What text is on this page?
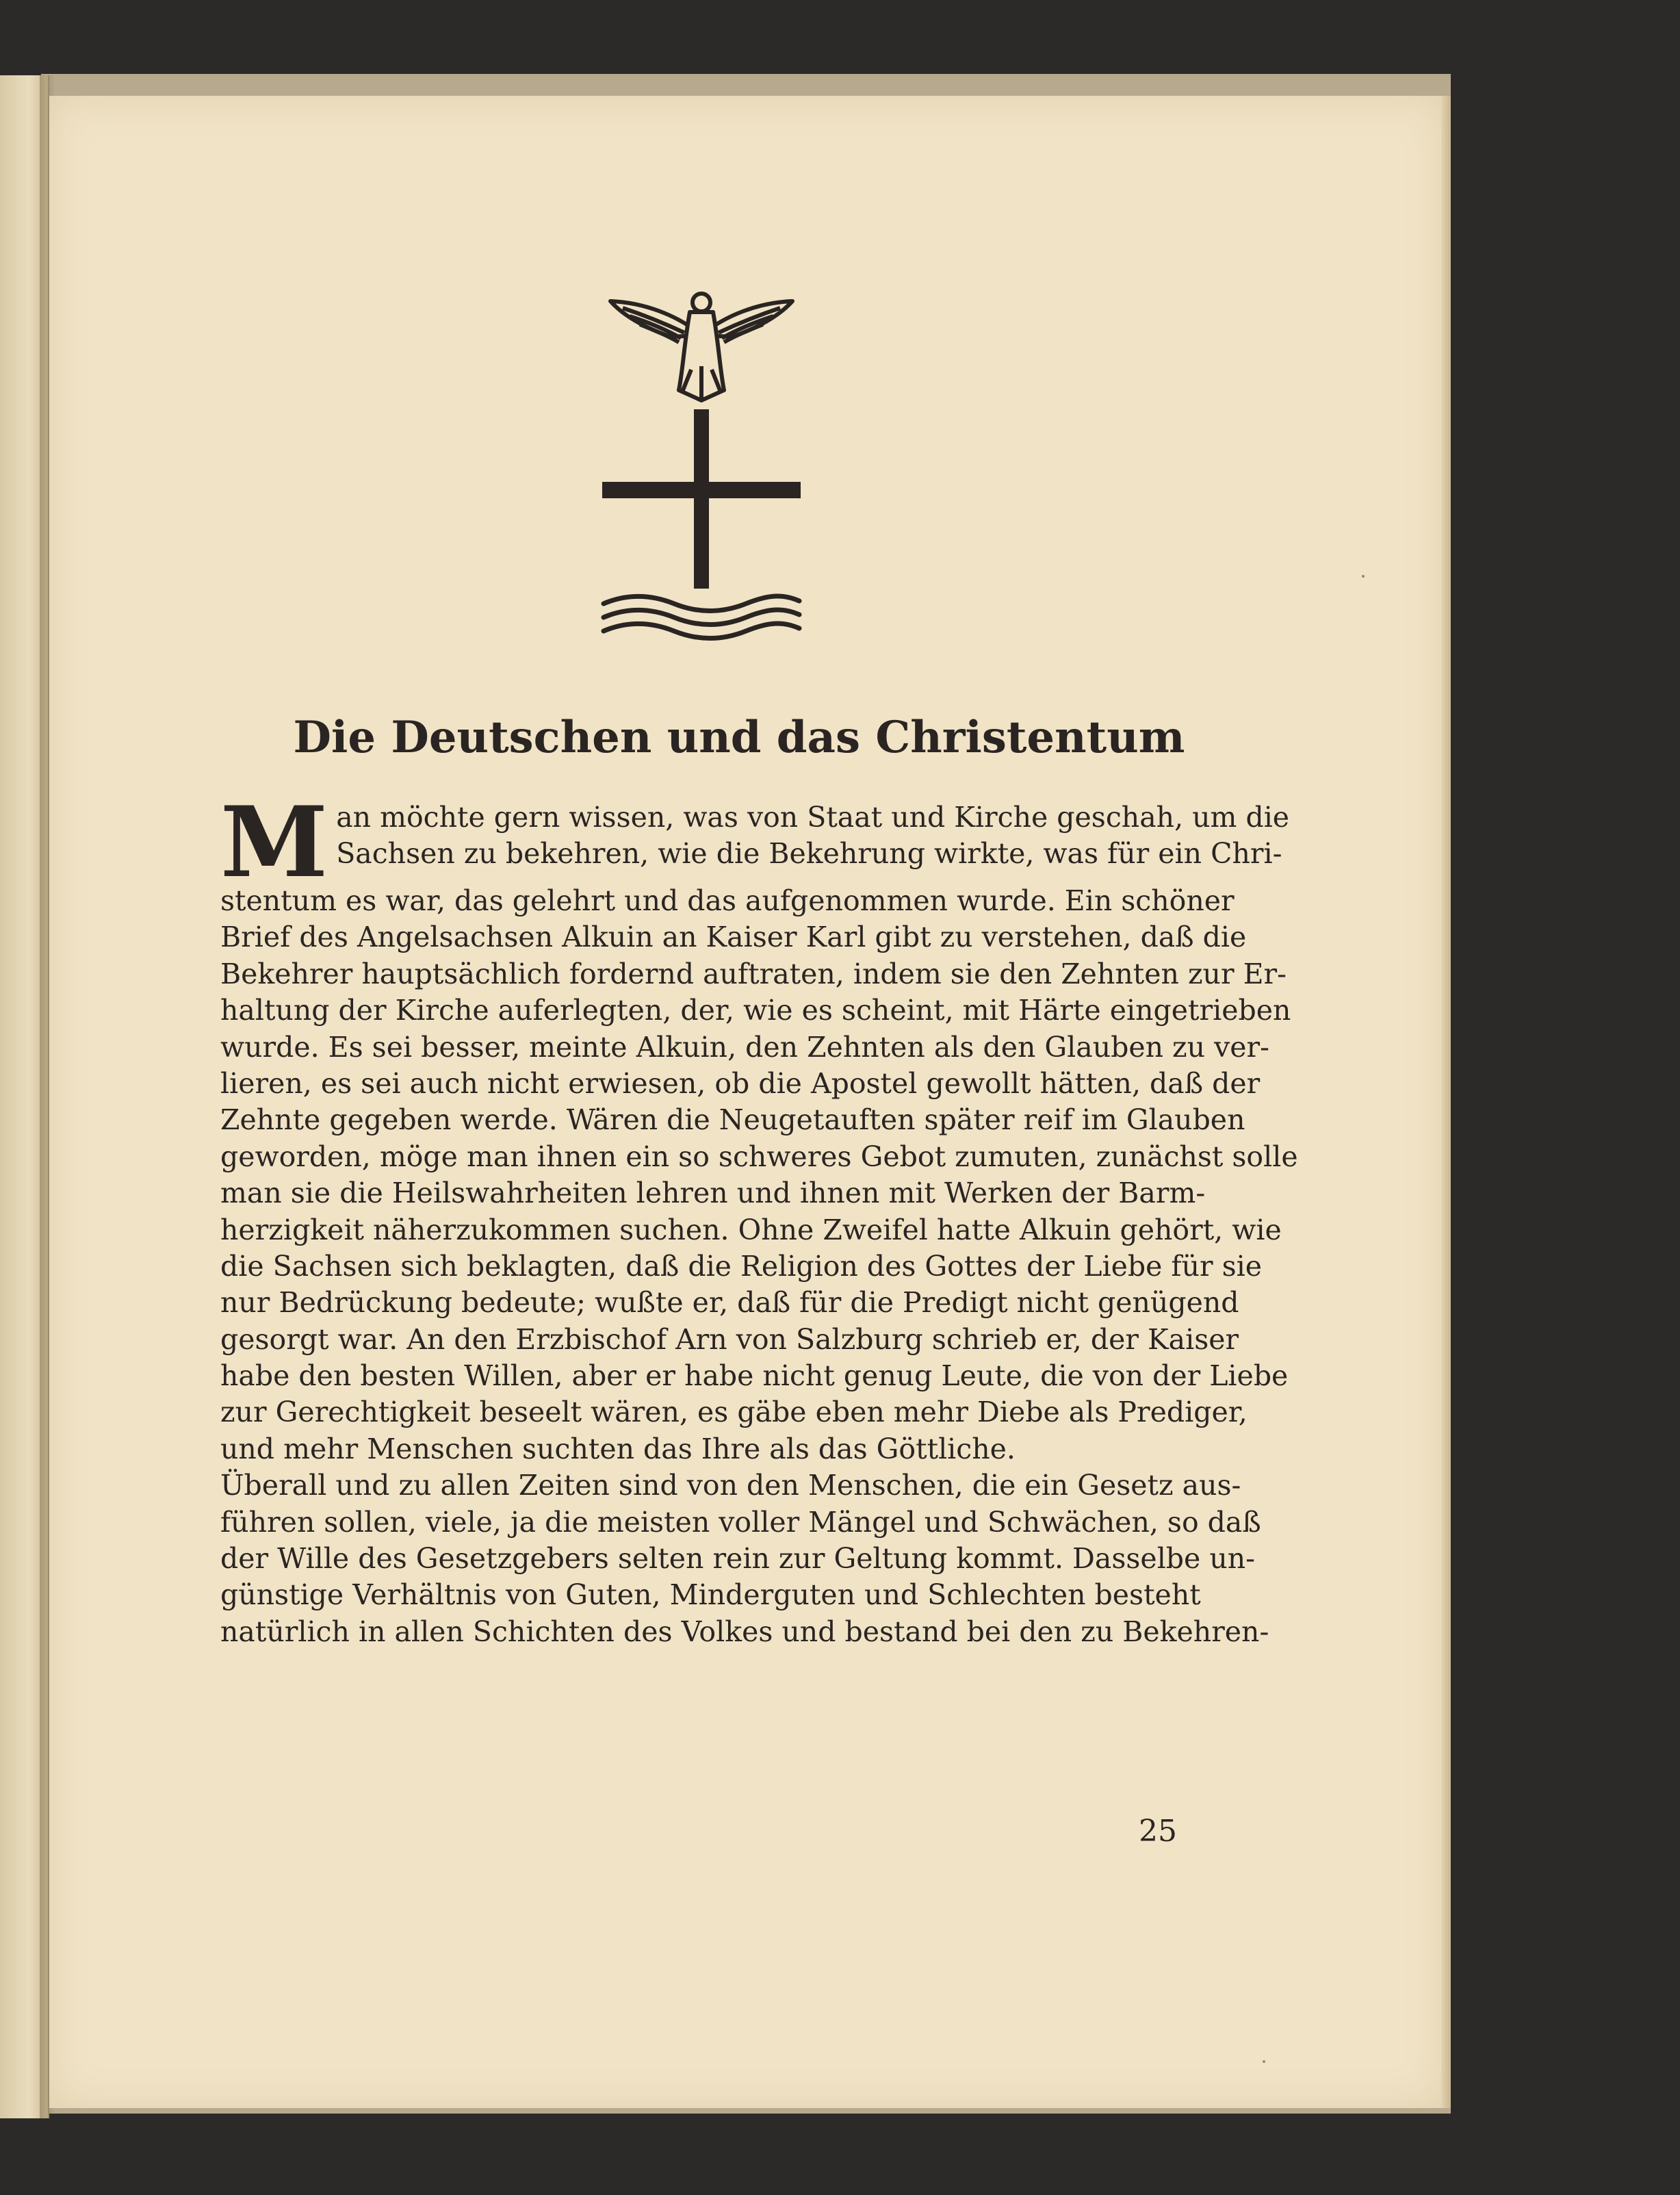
Die Deutschen und das Christentum
M an möchte gern wissen, was von Staat und Kirche geschah, um die
Sachsen zu bekehren, wie die Bekehrung wirkte, was für ein Chri-
stentum es war, das gelehrt und das aufgenommen wurde. Ein schöner
Brief des Angelsachsen Alkuin an Kaiser Karl gibt zu verstehen, daß die
Bekehrer hauptsächlich fordernd auftraten, indem sie den Zehnten zur Er-
haltung der Kirche auferlegten, der, wie es scheint, mit Härte eingetrieben
wurde. Es sei besser, meinte Alkuin, den Zehnten als den Glauben zu ver-
lieren, es sei auch nicht erwiesen, ob die Apostel gewollt hätten, daß der
Zehnte gegeben werde. Wären die Neugetauften später reif im Glauben
geworden, möge man ihnen ein so schweres Gebot zumuten, zunächst solle
man sie die Heilswahrheiten lehren und ihnen mit Werken der Barm-
herzigkeit näherzukommen suchen. Ohne Zweifel hatte Alkuin gehört, wie
die Sachsen sich beklagten, daß die Religion des Gottes der Liebe für sie
nur Bedrückung bedeute; wußte er, daß für die Predigt nicht genügend
gesorgt war. An den Erzbischof Arn von Salzburg schrieb er, der Kaiser
habe den besten Willen, aber er habe nicht genug Leute, die von der Liebe
zur Gerechtigkeit beseelt wären, es gäbe eben mehr Diebe als Prediger,
und mehr Menschen suchten das Ihre als das Göttliche.
Überall und zu allen Zeiten sind von den Menschen, die ein Gesetz aus-
führen sollen, viele, ja die meisten voller Mängel und Schwächen, so daß
der Wille des Gesetzgebers selten rein zur Geltung kommt. Dasselbe un-
günstige Verhältnis von Guten, Minderguten und Schlechten besteht
natürlich in allen Schichten des Volkes und bestand bei den zu Bekehren-
25
